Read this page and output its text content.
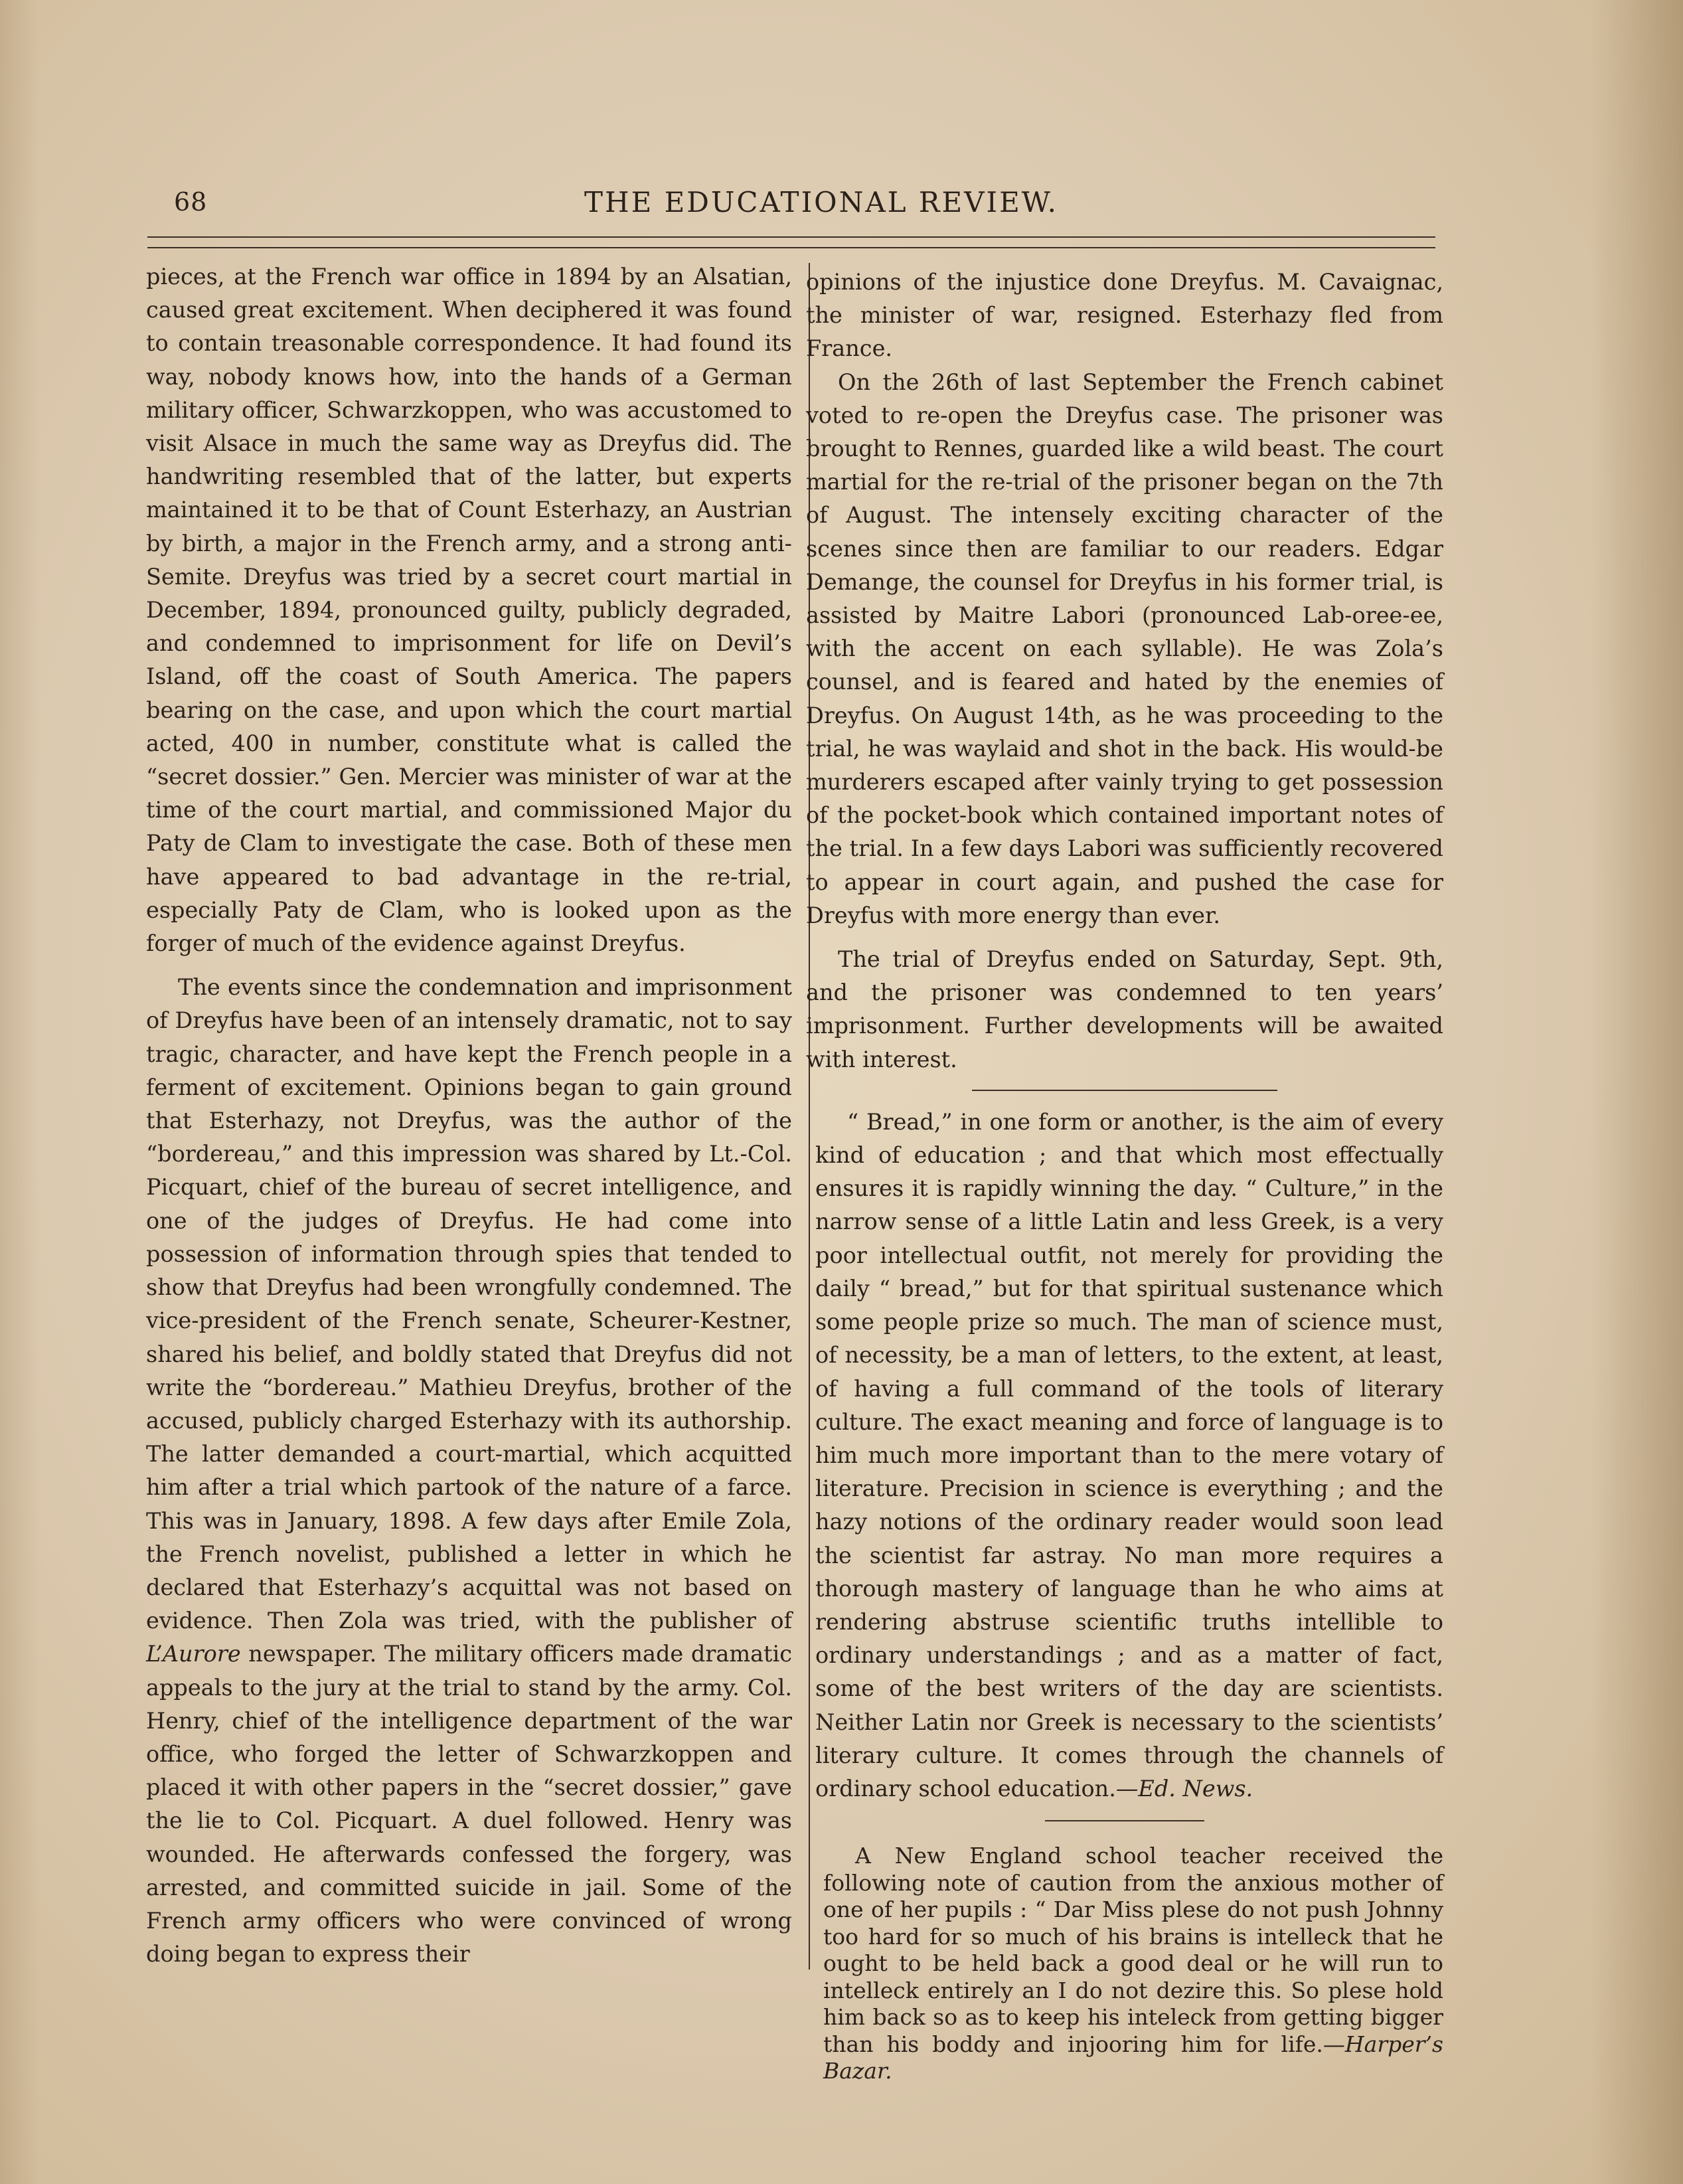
68	THE EDUCATIONAL REVIEW.

pieces, at the French war office in 1894 by an Alsatian, caused great excitement. When deciphered it was found to contain treasonable correspondence. It had found its way, nobody knows how, into the hands of a German military officer, Schwarzkoppen, who was accustomed to visit Alsace in much the same way as Dreyfus did. The handwriting resembled that of the latter, but experts maintained it to be that of Count Esterhazy, an Austrian by birth, a major in the French army, and a strong anti-Semite. Dreyfus was tried by a secret court martial in December, 1894, pronounced guilty, publicly degraded, and condemned to imprisonment for life on Devil’s Island, off the coast of South America. The papers bearing on the case, and upon which the court martial acted, 400 in number, constitute what is called the “secret dossier.” Gen. Mercier was minister of war at the time of the court martial, and commissioned Major du Paty de Clam to investigate the case. Both of these men have appeared to bad advantage in the re-trial, especially Paty de Clam, who is looked upon as the forger of much of the evidence against Dreyfus.

The events since the condemnation and imprisonment of Dreyfus have been of an intensely dramatic, not to say tragic, character, and have kept the French people in a ferment of excitement. Opinions began to gain ground that Esterhazy, not Dreyfus, was the author of the “bordereau,” and this impression was shared by Lt.-Col. Picquart, chief of the bureau of secret intelligence, and one of the judges of Dreyfus. He had come into possession of information through spies that tended to show that Dreyfus had been wrongfully condemned. The vice-president of the French senate, Scheurer-Kestner, shared his belief, and boldly stated that Dreyfus did not write the “bordereau.” Mathieu Dreyfus, brother of the accused, publicly charged Esterhazy with its authorship. The latter demanded a court-martial, which acquitted him after a trial which partook of the nature of a farce. This was in January, 1898. A few days after Emile Zola, the French novelist, published a letter in which he declared that Esterhazy’s acquittal was not based on evidence. Then Zola was tried, with the publisher of L’Aurore newspaper. The military officers made dramatic appeals to the jury at the trial to stand by the army. Col. Henry, chief of the intelligence department of the war office, who forged the letter of Schwarzkoppen and placed it with other papers in the “secret dossier,” gave the lie to Col. Picquart. A duel followed. Henry was wounded. He afterwards confessed the forgery, was arrested, and committed suicide in jail. Some of the French army officers who were convinced of wrong doing began to express their

opinions of the injustice done Dreyfus. M. Cavaignac, the minister of war, resigned. Esterhazy fled from France.

On the 26th of last September the French cabinet voted to re-open the Dreyfus case. The prisoner was brought to Rennes, guarded like a wild beast. The court martial for the re-trial of the prisoner began on the 7th of August. The intensely exciting character of the scenes since then are familiar to our readers. Edgar Demange, the counsel for Dreyfus in his former trial, is assisted by Maitre Labori (pronounced Lab-oree-ee, with the accent on each syllable). He was Zola’s counsel, and is feared and hated by the enemies of Dreyfus. On August 14th, as he was proceeding to the trial, he was waylaid and shot in the back. His would-be murderers escaped after vainly trying to get possession of the pocket-book which contained important notes of the trial. In a few days Labori was sufficiently recovered to appear in court again, and pushed the case for Dreyfus with more energy than ever.

The trial of Dreyfus ended on Saturday, Sept. 9th, and the prisoner was condemned to ten years’ imprisonment. Further developments will be awaited with interest.

“ Bread,” in one form or another, is the aim of every kind of education ; and that which most effectually ensures it is rapidly winning the day. “ Culture,” in the narrow sense of a little Latin and less Greek, is a very poor intellectual outfit, not merely for providing the daily “ bread,” but for that spiritual sustenance which some people prize so much. The man of science must, of necessity, be a man of letters, to the extent, at least, of having a full command of the tools of literary culture. The exact meaning and force of language is to him much more important than to the mere votary of literature. Precision in science is everything ; and the hazy notions of the ordinary reader would soon lead the scientist far astray. No man more requires a thorough mastery of language than he who aims at rendering abstruse scientific truths intellible to ordinary understandings ; and as a matter of fact, some of the best writers of the day are scientists. Neither Latin nor Greek is necessary to the scientists’ literary culture. It comes through the channels of ordinary school education.—Ed. News.

A New England school teacher received the following note of caution from the anxious mother of one of her pupils : “ Dar Miss plese do not push Johnny too hard for so much of his brains is intelleck that he ought to be held back a good deal or he will run to intelleck entirely an I do not dezire this. So plese hold him back so as to keep his inteleck from getting bigger than his boddy and injooring him for life.—Harper’s Bazar.
